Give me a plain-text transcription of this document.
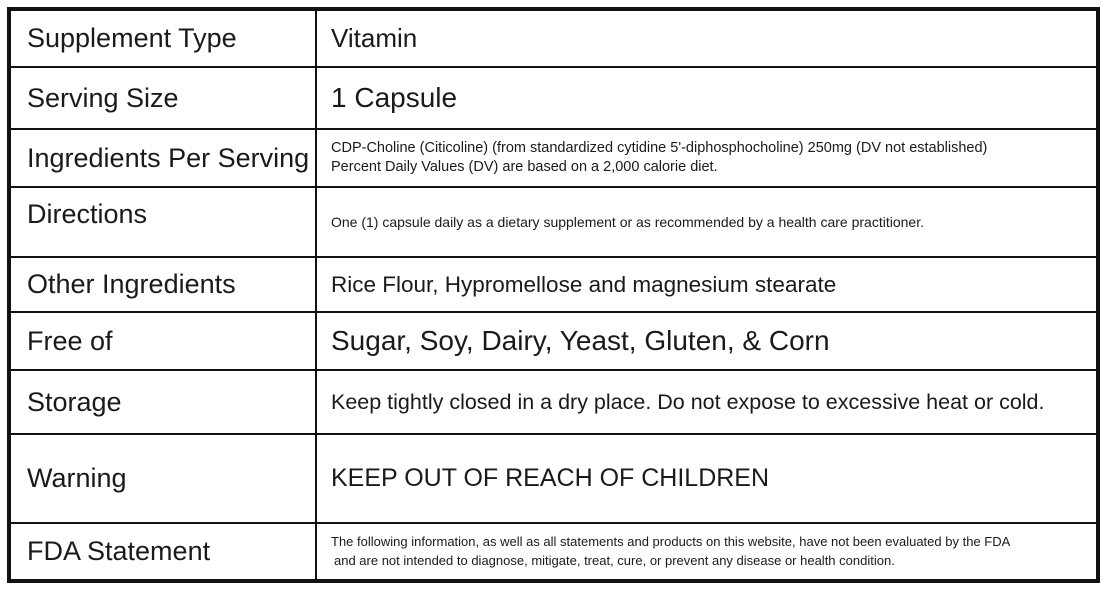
Supplement Type	Vitamin
Serving Size	1 Capsule
Ingredients Per Serving	CDP-Choline (Citicoline) (from standardized cytidine 5'-diphosphocholine) 250mg (DV not established)
Percent Daily Values (DV) are based on a 2,000 calorie diet.

Directions	One (1) capsule daily as a dietary supplement or as recommended by a health care practitioner.
Other Ingredients	Rice Flour, Hypromellose and magnesium stearate
Free of	Sugar, Soy, Dairy, Yeast, Gluten, & Corn
Storage	Keep tightly closed in a dry place. Do not expose to excessive heat or cold.
Warning	KEEP OUT OF REACH OF CHILDREN
FDA Statement	The following information, as well as all statements and products on this website, have not been evaluated by the FDA
and are not intended to diagnose, mitigate, treat, cure, or prevent any disease or health condition.
